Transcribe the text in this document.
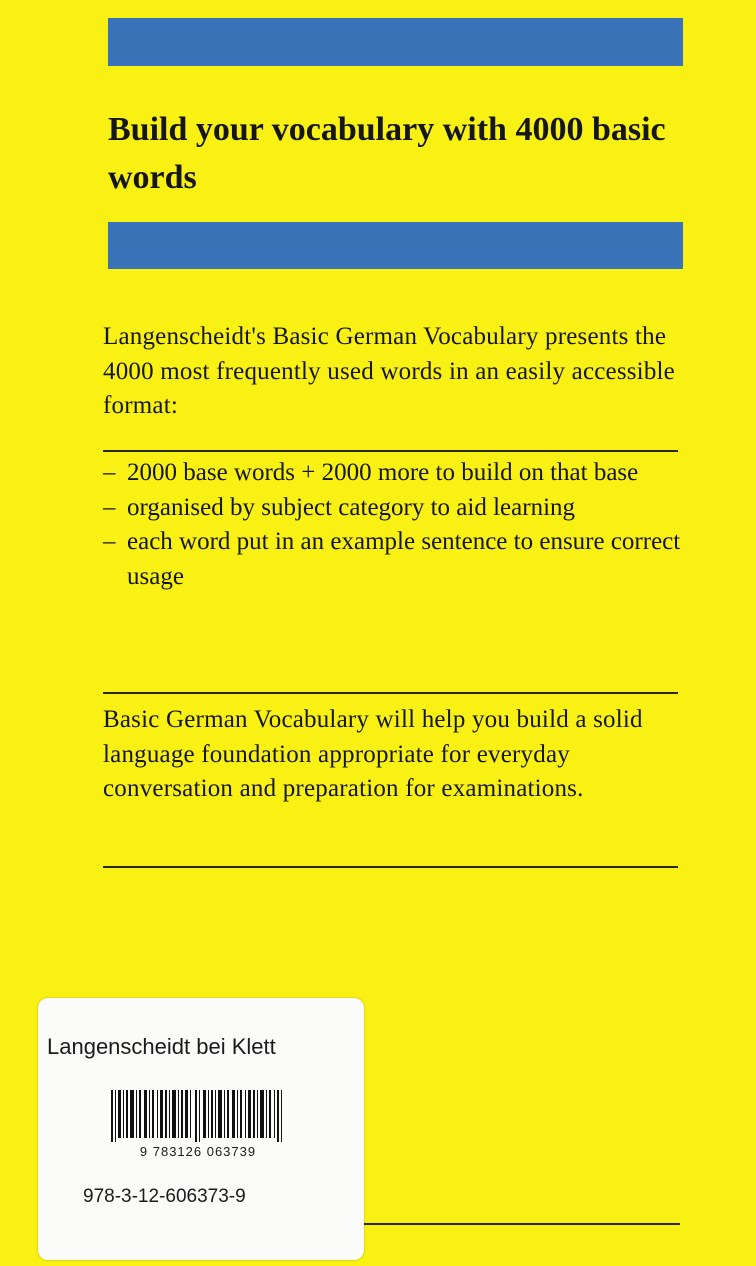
Build your vocabulary with 4000 basic words
Langenscheidt's Basic German Vocabulary presents the 4000 most frequently used words in an easily accessible format:
– 2000 base words + 2000 more to build on that base
– organised by subject category to aid learning
– each word put in an example sentence to ensure correct usage
Basic German Vocabulary will help you build a solid language foundation appropriate for everyday conversation and preparation for examinations.
Langenscheidt bei Klett
9 783126 063739
978-3-12-606373-9
